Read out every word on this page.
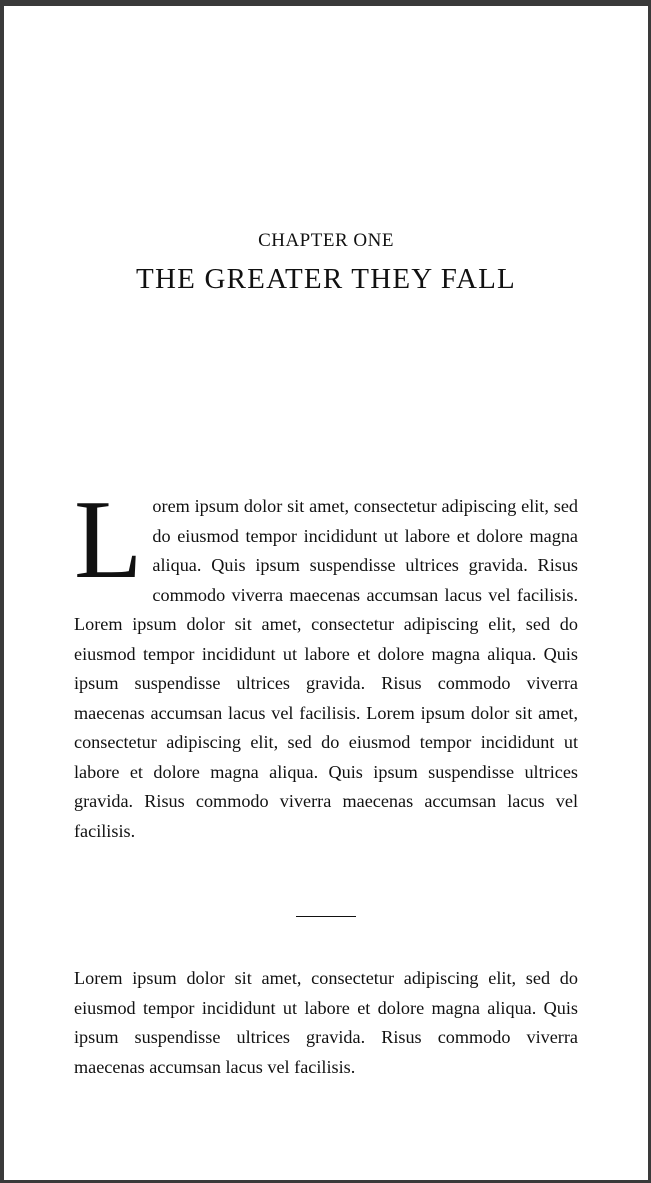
CHAPTER ONE
THE GREATER THEY FALL

Lorem ipsum dolor sit amet, consectetur adipiscing elit, sed do eiusmod tempor incididunt ut labore et dolore magna aliqua. Quis ipsum suspendisse ultrices gravida. Risus commodo viverra maecenas accumsan lacus vel facilisis. Lorem ipsum dolor sit amet, consectetur adipiscing elit, sed do eiusmod tempor incididunt ut labore et dolore magna aliqua. Quis ipsum suspendisse ultrices gravida. Risus commodo viverra maecenas accumsan lacus vel facilisis. Lorem ipsum dolor sit amet, consectetur adipiscing elit, sed do eiusmod tempor incididunt ut labore et dolore magna aliqua. Quis ipsum suspendisse ultrices gravida. Risus commodo viverra maecenas accumsan lacus vel facilisis.

Lorem ipsum dolor sit amet, consectetur adipiscing elit, sed do eiusmod tempor incididunt ut labore et dolore magna aliqua. Quis ipsum suspendisse ultrices gravida. Risus commodo viverra maecenas accumsan lacus vel facilisis.
